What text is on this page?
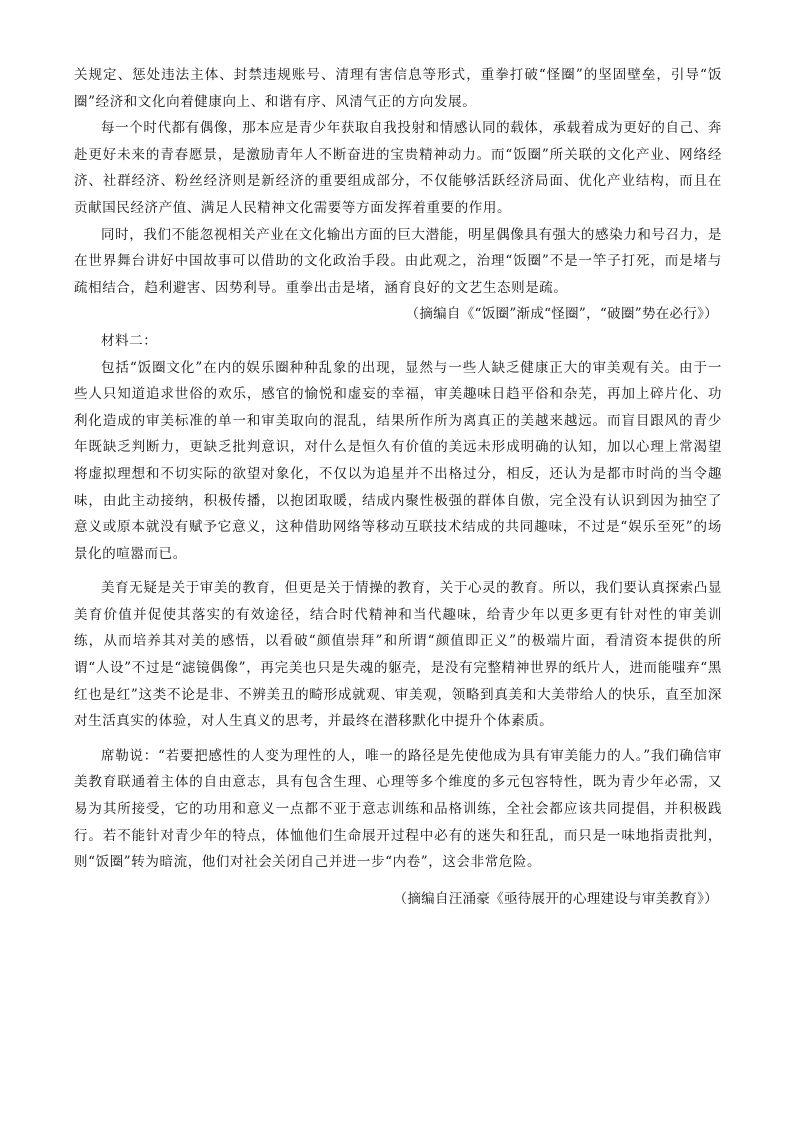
关规定、惩处违法主体、封禁违规账号、清理有害信息等形式，重拳打破“怪圈”的坚固壁垒，引导“饭圈”经济和文化向着健康向上、和谐有序、风清气正的方向发展。

每一个时代都有偶像，那本应是青少年获取自我投射和情感认同的载体，承载着成为更好的自己、奔赴更好未来的青春愿景，是激励青年人不断奋进的宝贵精神动力。而“饭圈”所关联的文化产业、网络经济、社群经济、粉丝经济则是新经济的重要组成部分，不仅能够活跃经济局面、优化产业结构，而且在贡献国民经济产值、满足人民精神文化需要等方面发挥着重要的作用。

同时，我们不能忽视相关产业在文化输出方面的巨大潜能，明星偶像具有强大的感染力和号召力，是在世界舞台讲好中国故事可以借助的文化政治手段。由此观之，治理“饭圈”不是一竿子打死，而是堵与疏相结合，趋利避害、因势利导。重拳出击是堵，涵育良好的文艺生态则是疏。

（摘编自《“饭圈”渐成“怪圈”，“破圈”势在必行》）

材料二：

包括“饭圈文化”在内的娱乐圈种种乱象的出现，显然与一些人缺乏健康正大的审美观有关。由于一些人只知道追求世俗的欢乐，感官的愉悦和虚妄的幸福，审美趣味日趋平俗和杂芜，再加上碎片化、功利化造成的审美标准的单一和审美取向的混乱，结果所作所为离真正的美越来越远。而盲目跟风的青少年既缺乏判断力，更缺乏批判意识，对什么是恒久有价值的美远未形成明确的认知，加以心理上常渴望将虚拟理想和不切实际的欲望对象化，不仅以为追星并不出格过分，相反，还认为是都市时尚的当令趣味，由此主动接纳，积极传播，以抱团取暖，结成内聚性极强的群体自傲，完全没有认识到因为抽空了意义或原本就没有赋予它意义，这种借助网络等移动互联技术结成的共同趣味，不过是“娱乐至死”的场景化的喧嚣而已。

美育无疑是关于审美的教育，但更是关于情操的教育，关于心灵的教育。所以，我们要认真探索凸显美育价值并促使其落实的有效途径，结合时代精神和当代趣味，给青少年以更多更有针对性的审美训练，从而培养其对美的感悟，以看破“颜值崇拜”和所谓“颜值即正义”的极端片面，看清资本提供的所谓“人设”不过是“滤镜偶像”，再完美也只是失魂的躯壳，是没有完整精神世界的纸片人，进而能嗤弃“黑红也是红”这类不论是非、不辨美丑的畸形成就观、审美观，领略到真美和大美带给人的快乐，直至加深对生活真实的体验，对人生真义的思考，并最终在潜移默化中提升个体素质。

席勒说：“若要把感性的人变为理性的人，唯一的路径是先使他成为具有审美能力的人。”我们确信审美教育联通着主体的自由意志，具有包含生理、心理等多个维度的多元包容特性，既为青少年必需，又易为其所接受，它的功用和意义一点都不亚于意志训练和品格训练，全社会都应该共同提倡，并积极践行。若不能针对青少年的特点，体恤他们生命展开过程中必有的迷失和狂乱，而只是一味地指责批判，则“饭圈”转为暗流，他们对社会关闭自己并进一步“内卷”，这会非常危险。

（摘编自汪涌豪《亟待展开的心理建设与审美教育》）
